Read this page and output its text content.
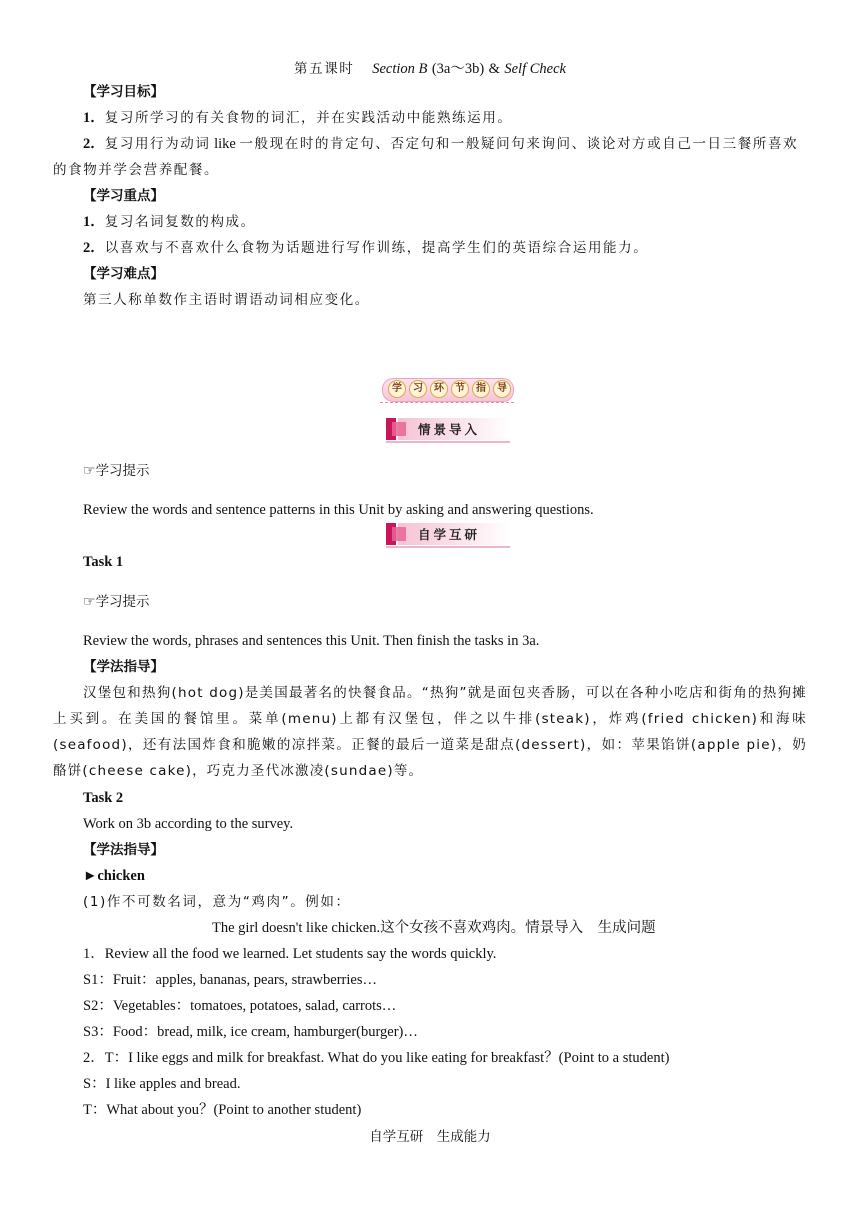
第五课时 Section B (3a～3b) & Self Check
【学习目标】
1．复习所学习的有关食物的词汇，并在实践活动中能熟练运用。
2．复习用行为动词 like 一般现在时的肯定句、否定句和一般疑问句来询问、谈论对方或自己一日三餐所喜欢
的食物并学会营养配餐。
【学习重点】
1．复习名词复数的构成。
2．以喜欢与不喜欢什么食物为话题进行写作训练，提高学生们的英语综合运用能力。
【学习难点】
第三人称单数作主语时谓语动词相应变化。
学	习	环	节	指	导
情景导入
☞学习提示
Review the words and sentence patterns in this Unit by asking and answering questions.
自学互研
Task 1
☞学习提示
Review the words, phrases and sentences this Unit. Then finish the tasks in 3a.
【学法指导】
汉堡包和热狗(hot dog)是美国最著名的快餐食品。“热狗”就是面包夹香肠，可以在各种小吃店和街角的热狗摊上买到。在美国的餐馆里。菜单(menu)上都有汉堡包，伴之以牛排(steak)，炸鸡(fried chicken)和海味(seafood)，还有法国炸食和脆嫩的凉拌菜。正餐的最后一道菜是甜点(dessert)，如：苹果馅饼(apple pie)，奶酪饼(cheese cake)，巧克力圣代冰激凌(sundae)等。
Task 2
Work on 3b according to the survey.
【学法指导】
►chicken
(1)作不可数名词，意为“鸡肉”。例如：
The girl doesn't like chicken.这个女孩不喜欢鸡肉。情景导入　生成问题
1．Review all the food we learned. Let students say the words quickly.
S1：Fruit：apples, bananas, pears, strawberries…
S2：Vegetables：tomatoes, potatoes, salad, carrots…
S3：Food：bread, milk, ice cream, hamburger(burger)…
2．T：I like eggs and milk for breakfast. What do you like eating for breakfast？(Point to a student)
S：I like apples and bread.
T：What about you？(Point to another student)
自学互研　生成能力
